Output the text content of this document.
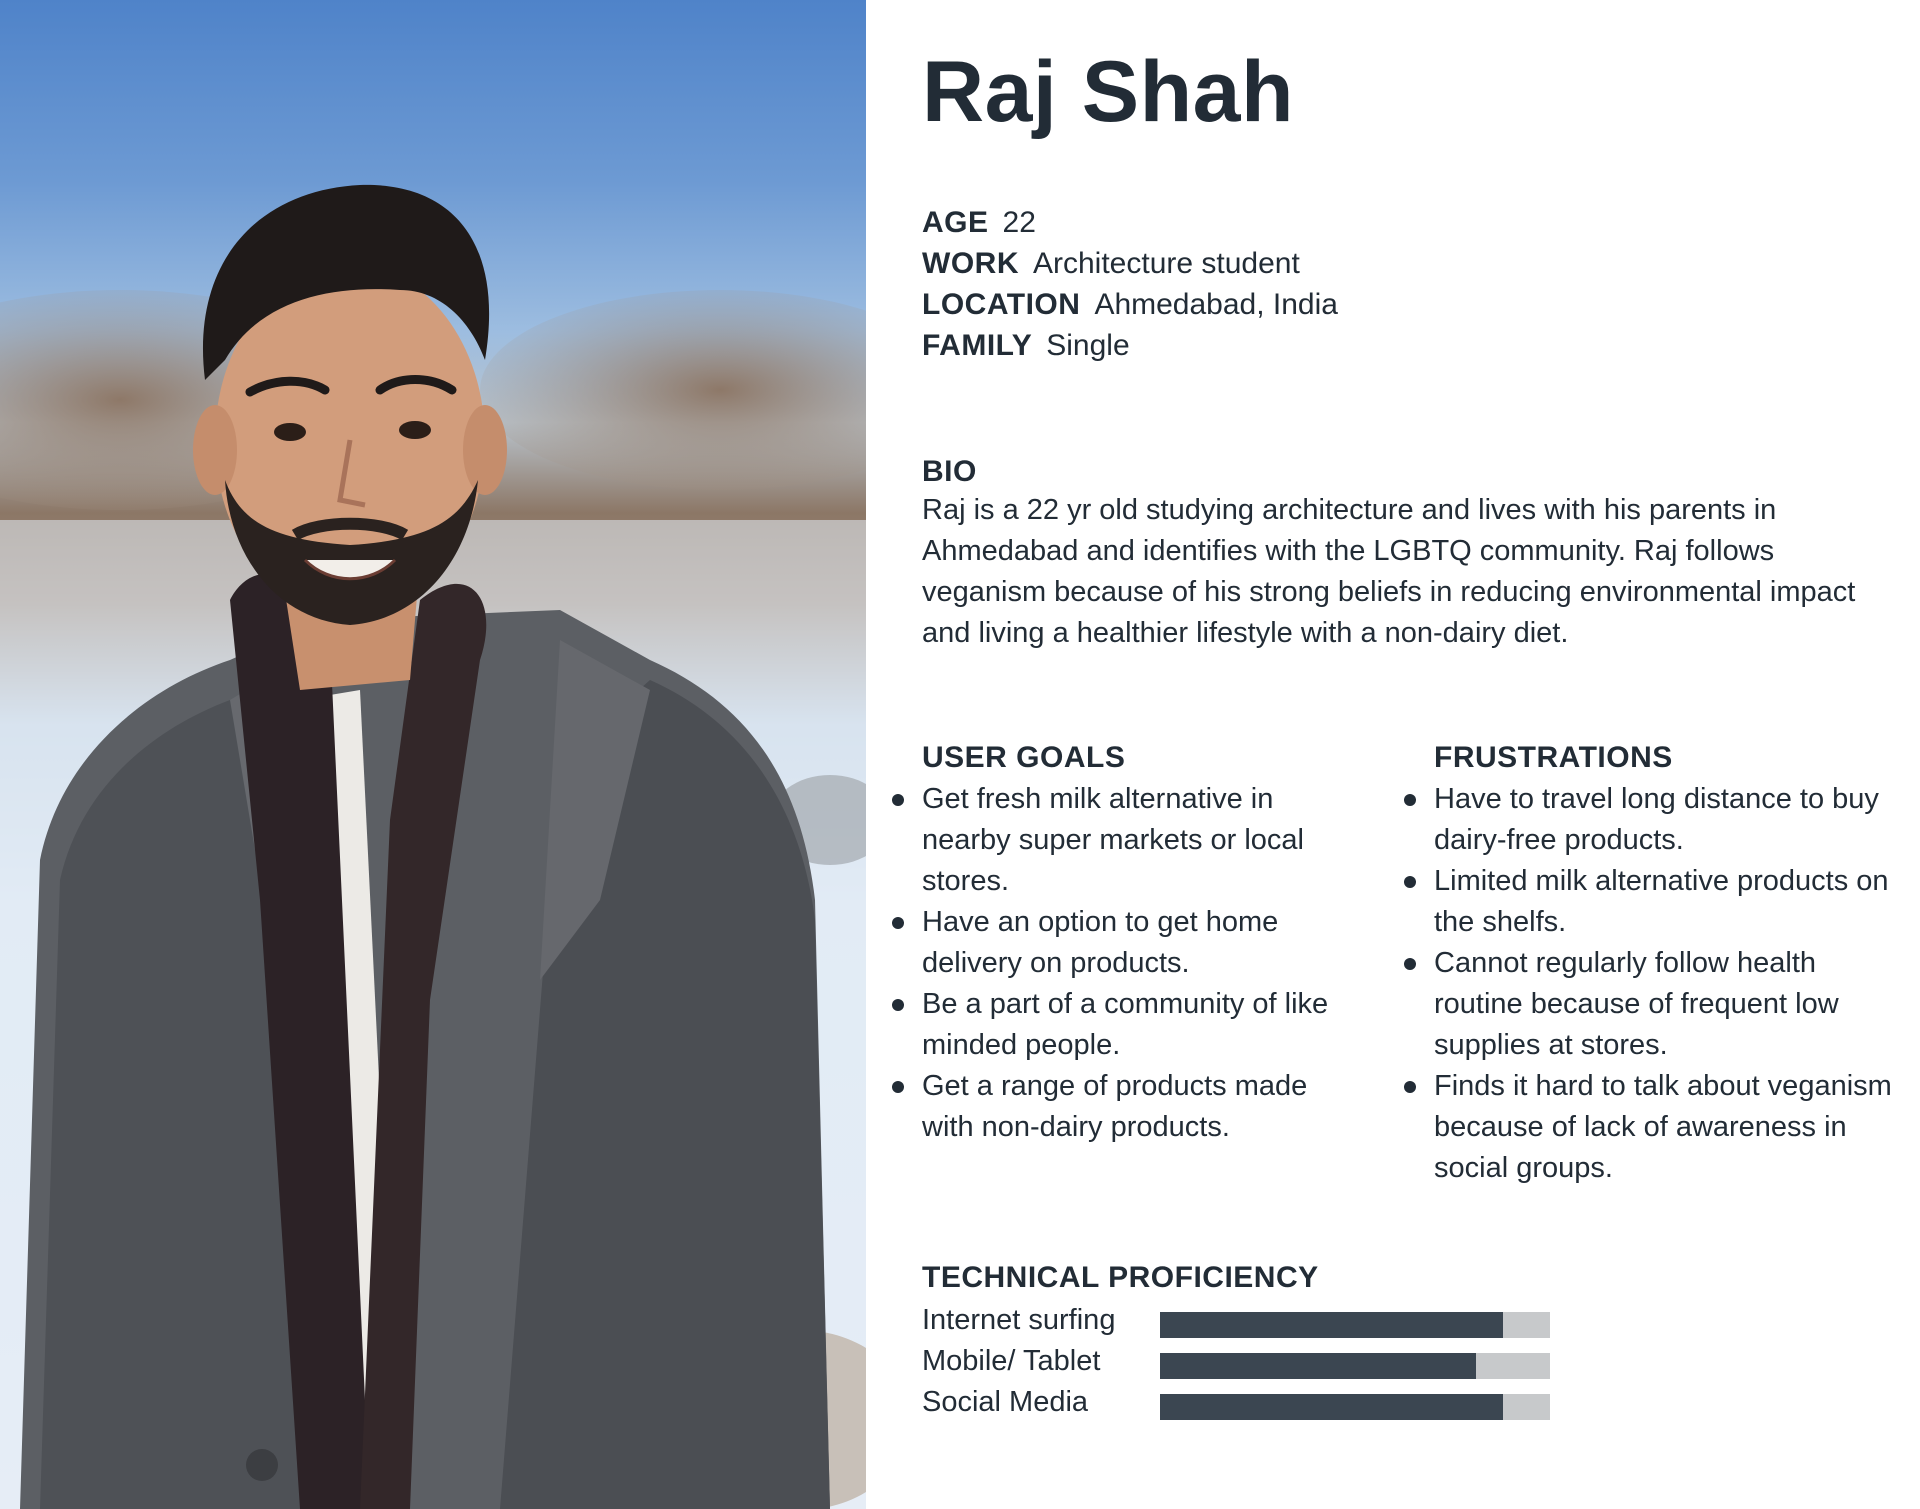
Raj Shah
AGE 22
WORK Architecture student
LOCATION Ahmedabad, India
FAMILY Single
BIO

Raj is a 22 yr old studying architecture and lives with his parents in Ahmedabad and identifies with the LGBTQ community. Raj follows veganism because of his strong beliefs in reducing environmental impact and living a healthier lifestyle with a non-dairy diet.

USER GOALS
Get fresh milk alternative in nearby super markets or local stores.
Have an option to get home delivery on products.
Be a part of a community of like minded people.
Get a range of products made with non-dairy products.
FRUSTRATIONS
Have to travel long distance to buy dairy-free products.
Limited milk alternative products on the shelfs.
Cannot regularly follow health routine because of frequent low supplies at stores.
Finds it hard to talk about veganism because of lack of awareness in social groups.
TECHNICAL PROFICIENCY
Internet surfing
Mobile/ Tablet
Social Media
